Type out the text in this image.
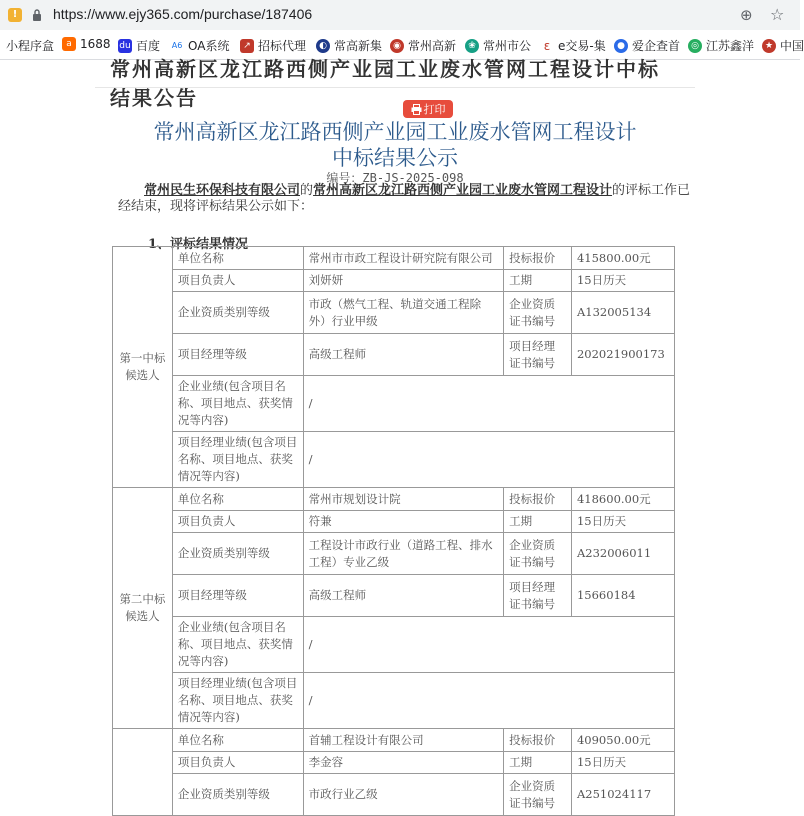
!	https://www.ejy365.com/purchase/187406	⊕ ☆
小程序盒	a 1688 du 百度 A6 OA系统	↗ 招标代理	◐ 常高新集	◉ 常州高新	❀ 常州市公	ε e交易-集	● 爱企查首	◎ 江苏鑫洋	★ 中国
常州高新区龙江路西侧产业园工业废水管网工程设计中标结果公告	打印
常州高新区龙江路西侧产业园工业废水管网工程设计
中标结果公示
编号：ZB-JS-2025-098
常州民生环保科技有限公司的常州高新区龙江路西侧产业园工业废水管网工程设计的评标工作已经结束，现将评标结果公示如下：
1、评标结果情况
第一中标候选人	单位名称	常州市市政工程设计研究院有限公司	投标报价	415800.00元
	项目负责人	刘妍妍	工期	15日历天
	企业资质类别等级	市政（燃气工程、轨道交通工程除外）行业甲级	企业资质证书编号	A132005134
	项目经理等级	高级工程师	项目经理证书编号	202021900173
	企业业绩(包含项目名称、项目地点、获奖情况等内容)	/		
	项目经理业绩(包含项目名称、项目地点、获奖情况等内容)	/		
第二中标候选人	单位名称	常州市规划设计院	投标报价	418600.00元
	项目负责人	符兼	工期	15日历天
	企业资质类别等级	工程设计市政行业（道路工程、排水工程）专业乙级	企业资质证书编号	A232006011
	项目经理等级	高级工程师	项目经理证书编号	15660184
	企业业绩(包含项目名称、项目地点、获奖情况等内容)	/		
	项目经理业绩(包含项目名称、项目地点、获奖情况等内容)	/		
	单位名称	首辅工程设计有限公司	投标报价	409050.00元
	项目负责人	李金容	工期	15日历天
	企业资质类别等级	市政行业乙级	企业资质证书编号	A251024117
